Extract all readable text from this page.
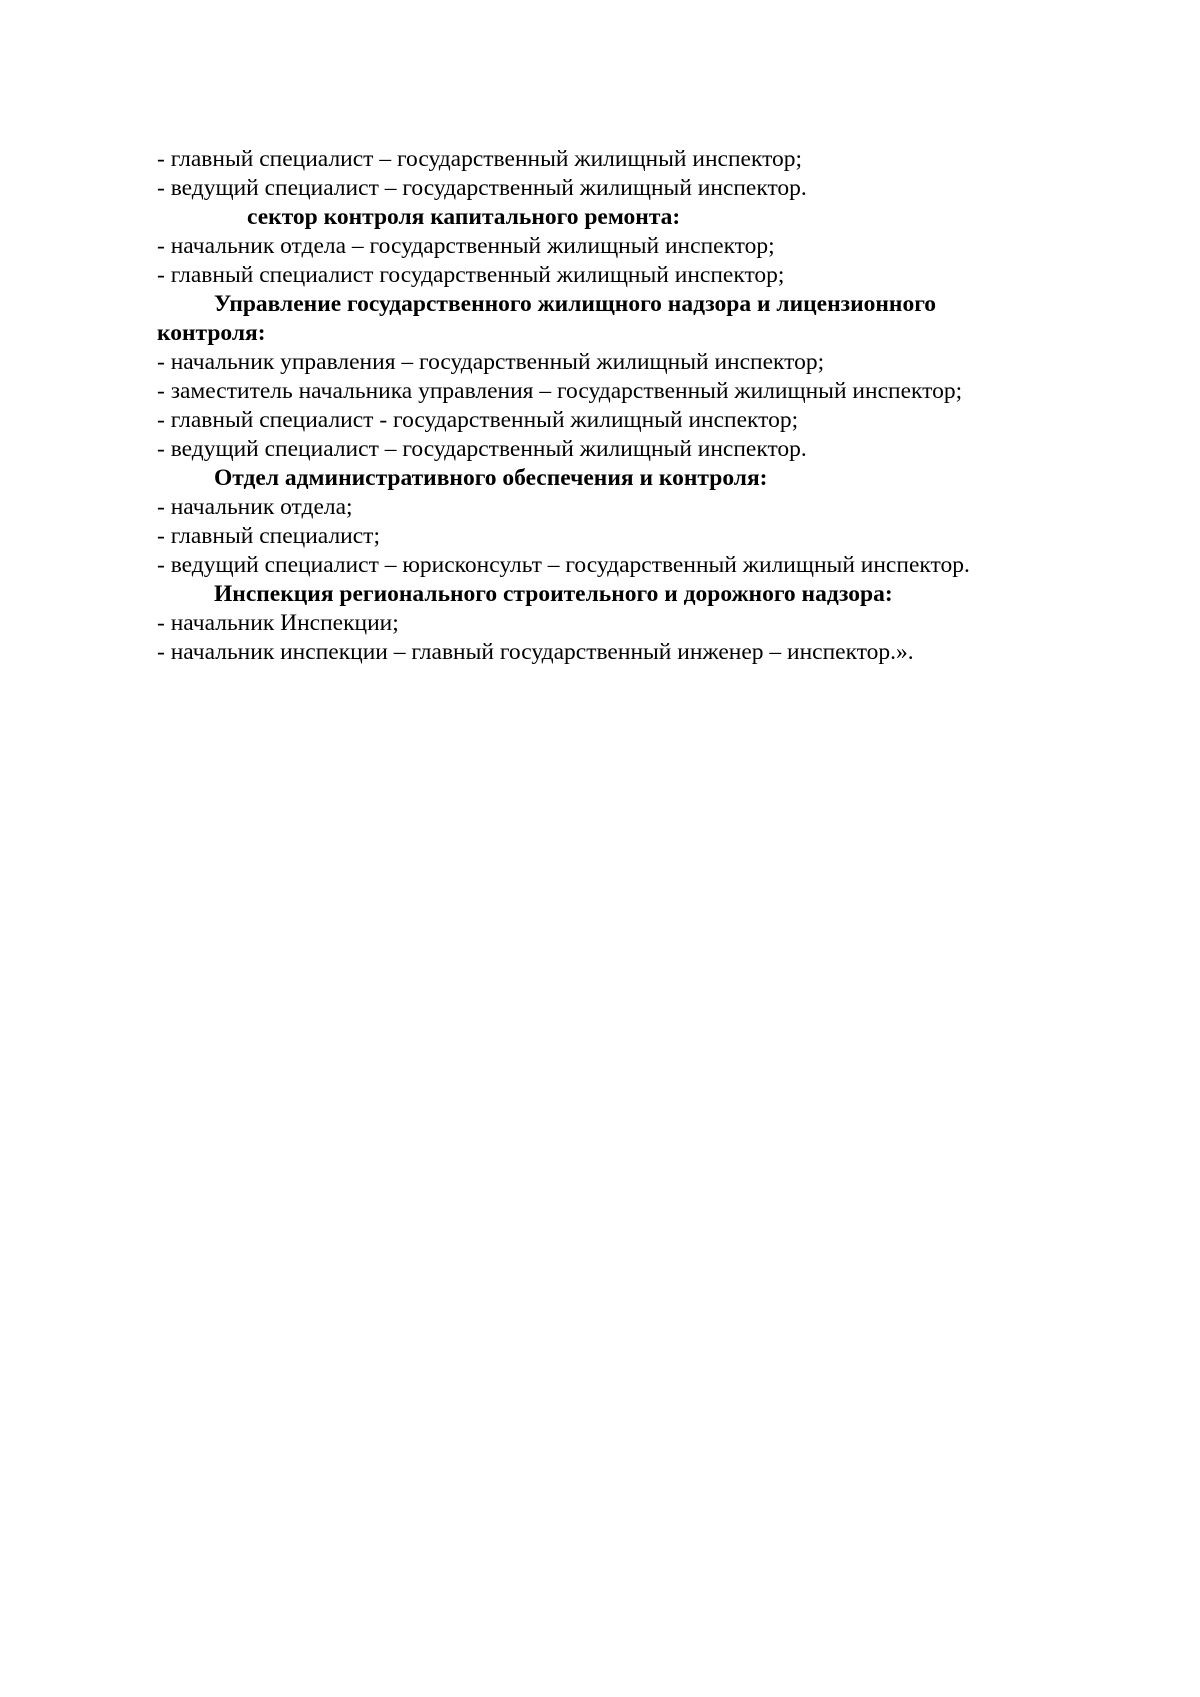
- главный специалист – государственный жилищный инспектор;

- ведущий специалист – государственный жилищный инспектор.

сектор контроля капитального ремонта:

- начальник отдела – государственный жилищный инспектор;

- главный специалист государственный жилищный инспектор;

Управление государственного жилищного надзора и лицензионного контроля:

- начальник управления – государственный жилищный инспектор;

- заместитель начальника управления – государственный жилищный инспектор;

- главный специалист - государственный жилищный инспектор;

- ведущий специалист – государственный жилищный инспектор.

Отдел административного обеспечения и контроля:

- начальник отдела;

- главный специалист;

- ведущий специалист – юрисконсульт – государственный жилищный инспектор.

Инспекция регионального строительного и дорожного надзора:

- начальник Инспекции;

- начальник инспекции – главный государственный инженер – инспектор.».
